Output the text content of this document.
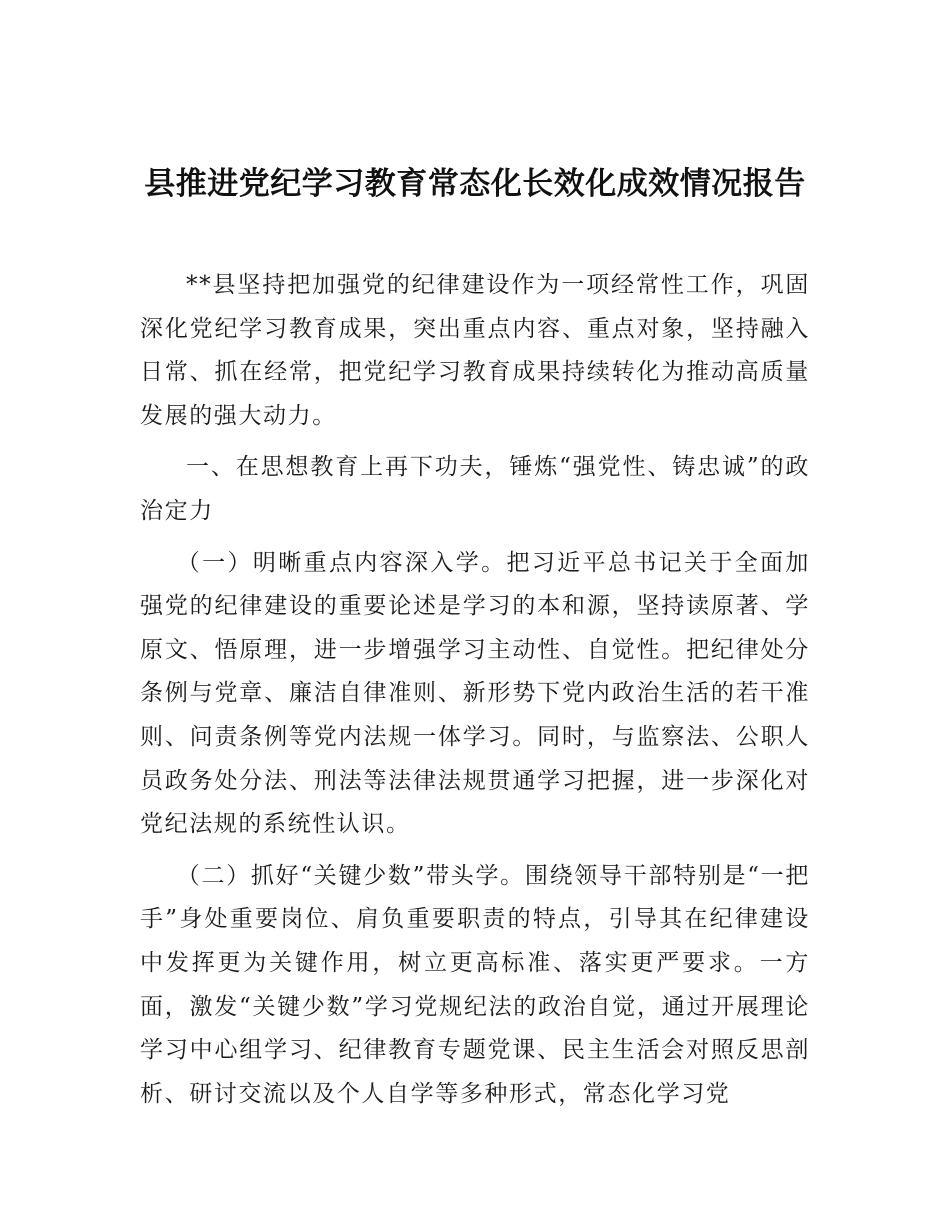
县推进党纪学习教育常态化长效化成效情况报告

**县坚持把加强党的纪律建设作为一项经常性工作，巩固深化党纪学习教育成果，突出重点内容、重点对象，坚持融入日常、抓在经常，把党纪学习教育成果持续转化为推动高质量发展的强大动力。

一、在思想教育上再下功夫，锤炼“强党性、铸忠诚”的政治定力

（一）明晰重点内容深入学。把习近平总书记关于全面加强党的纪律建设的重要论述是学习的本和源，坚持读原著、学原文、悟原理，进一步增强学习主动性、自觉性。把纪律处分条例与党章、廉洁自律准则、新形势下党内政治生活的若干准则、问责条例等党内法规一体学习。同时，与监察法、公职人员政务处分法、刑法等法律法规贯通学习把握，进一步深化对党纪法规的系统性认识。

（二）抓好“关键少数”带头学。围绕领导干部特别是“一把手”身处重要岗位、肩负重要职责的特点，引导其在纪律建设中发挥更为关键作用，树立更高标准、落实更严要求。一方面，激发“关键少数”学习党规纪法的政治自觉，通过开展理论学习中心组学习、纪律教育专题党课、民主生活会对照反思剖析、研讨交流以及个人自学等多种形式，常态化学习党
